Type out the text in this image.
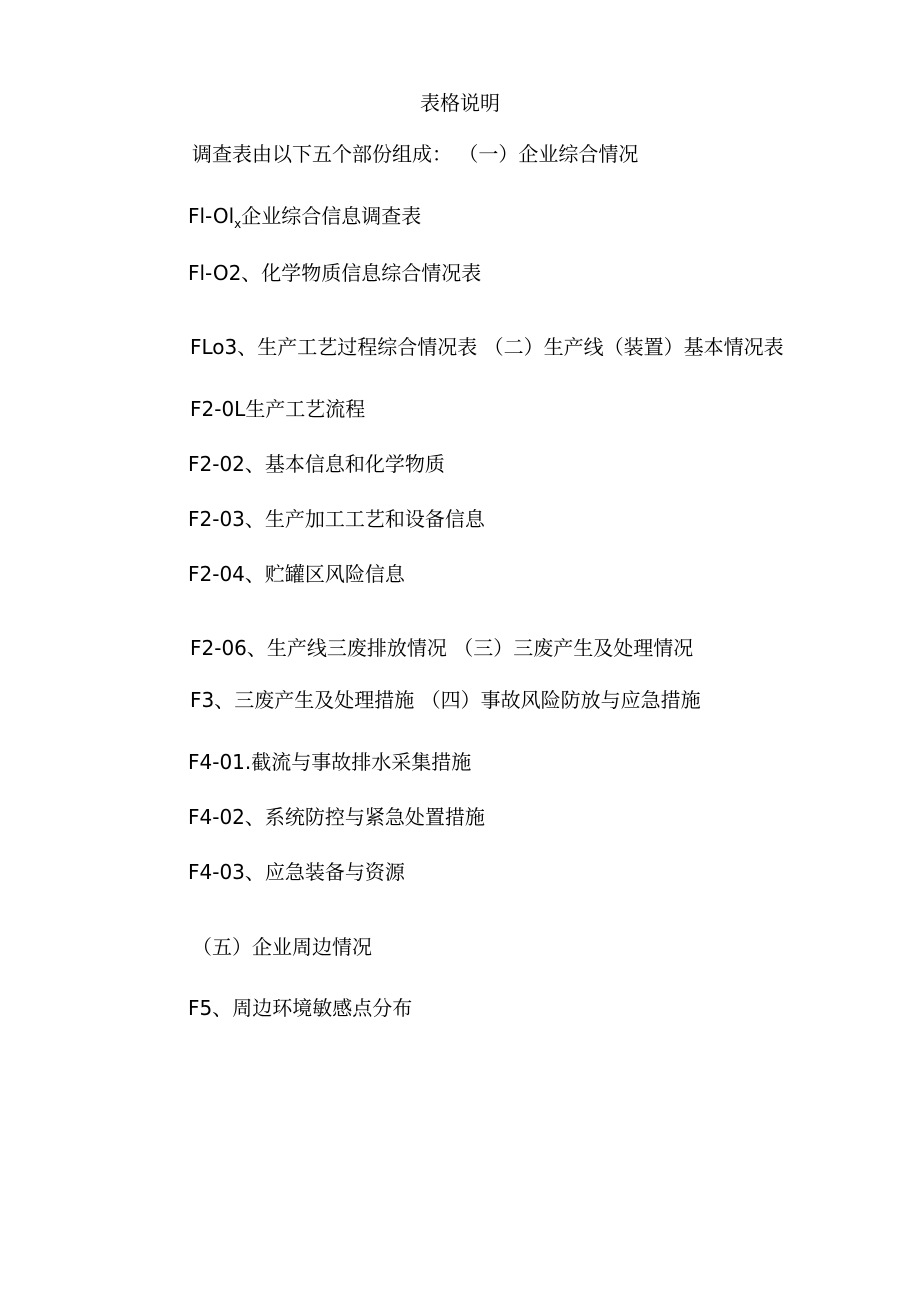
表格说明
调查表由以下五个部份组成： （一）企业综合情况
$Fl-Ol_x$企业综合信息调查表
Fl-O2、化学物质信息综合情况表
FLo3、生产工艺过程综合情况表 （二）生产线（装置）基本情况表
F2-0L生产工艺流程
F2-02、基本信息和化学物质
F2-03、生产加工工艺和设备信息
F2-04、贮罐区风险信息
F2-06、生产线三废排放情况 （三）三废产生及处理情况
F3、三废产生及处理措施 （四）事故风险防放与应急措施
F4-01.截流与事故排水采集措施
F4-02、系统防控与紧急处置措施
F4-03、应急装备与资源
（五）企业周边情况
F5、周边环境敏感点分布
